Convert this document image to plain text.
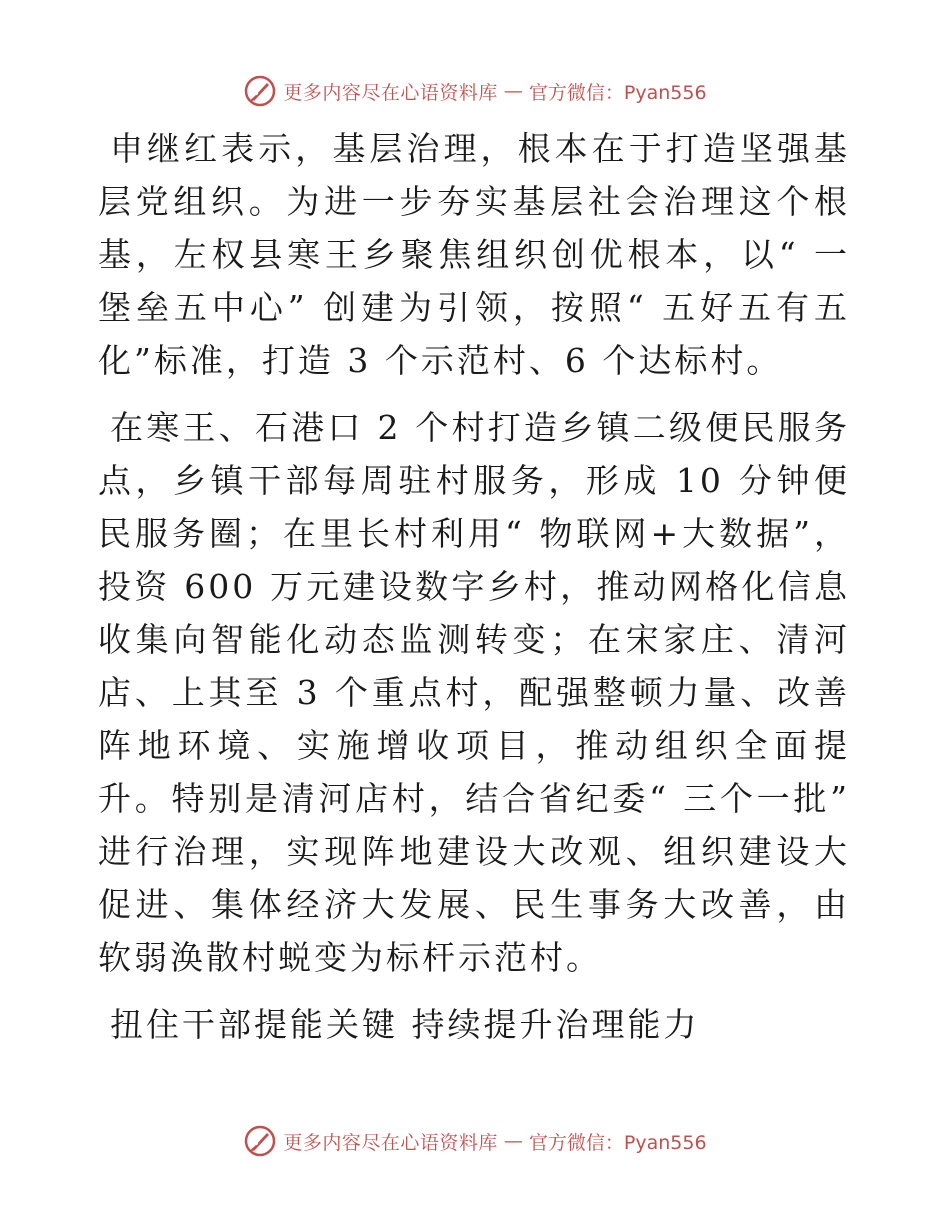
更多内容尽在心语资料库 — 官方微信：Pyan556

申继红表示，基层治理，根本在于打造坚强基层党组织。为进一步夯实基层社会治理这个根基，左权县寒王乡聚焦组织创优根本，以“ 一堡垒五中心” 创建为引领，按照“ 五好五有五化”标准，打造 3 个示范村、6 个达标村。

在寒王、石港口 2 个村打造乡镇二级便民服务点，乡镇干部每周驻村服务，形成 10 分钟便民服务圈；在里长村利用“ 物联网+大数据”，投资 600 万元建设数字乡村，推动网格化信息收集向智能化动态监测转变；在宋家庄、清河店、上其至 3 个重点村，配强整顿力量、改善阵地环境、实施增收项目，推动组织全面提升。特别是清河店村，结合省纪委“ 三个一批” 进行治理，实现阵地建设大改观、组织建设大促进、集体经济大发展、民生事务大改善，由软弱涣散村蜕变为标杆示范村。

扭住干部提能关键 持续提升治理能力

更多内容尽在心语资料库 — 官方微信：Pyan556
